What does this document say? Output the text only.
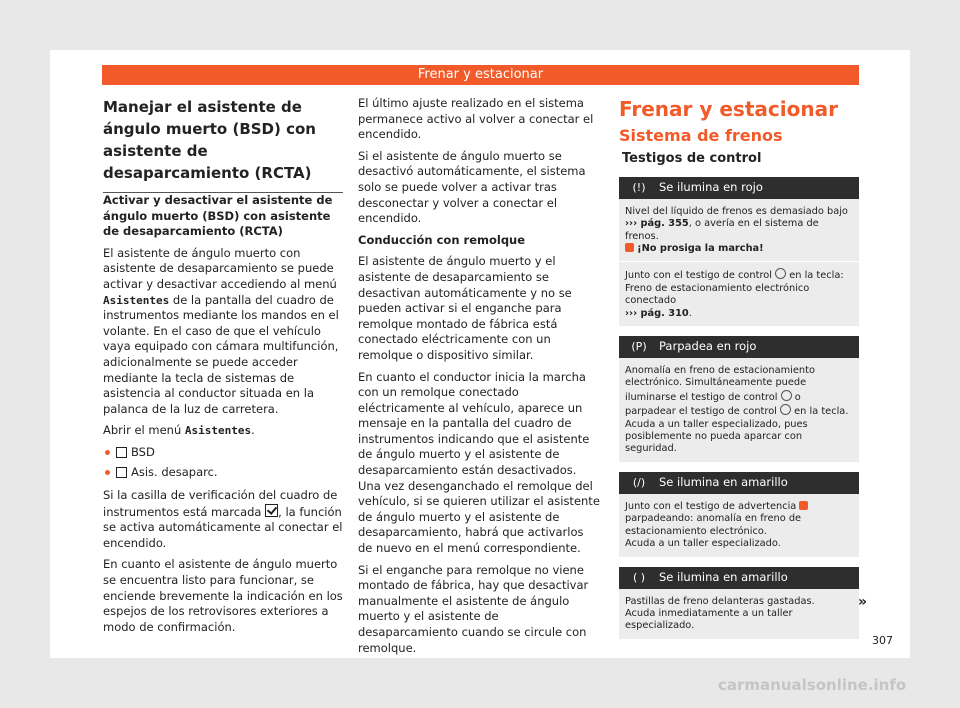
Frenar y estacionar
Manejar el asistente de ángulo muerto (BSD) con asistente de desaparcamiento (RCTA)

Activar y desactivar el asistente de ángulo muerto (BSD) con asistente de desaparcamiento (RCTA)

El asistente de ángulo muerto con asistente de desaparcamiento se puede activar y desactivar accediendo al menú Asistentes de la pantalla del cuadro de instrumentos mediante los mandos en el volante. En el caso de que el vehículo vaya equipado con cámara multifunción, adicionalmente se puede acceder mediante la tecla de sistemas de asistencia al conductor situada en la palanca de la luz de carretera.

Abrir el menú Asistentes.

BSD
Asis. desaparc.

Si la casilla de verificación del cuadro de instrumentos está marcada , la función se activa automáticamente al conectar el encendido.

En cuanto el asistente de ángulo muerto se encuentra listo para funcionar, se enciende brevemente la indicación en los espejos de los retrovisores exteriores a modo de confirmación.

El último ajuste realizado en el sistema permanece activo al volver a conectar el encendido.

Si el asistente de ángulo muerto se desactivó automáticamente, el sistema solo se puede volver a activar tras desconectar y volver a conectar el encendido.

Conducción con remolque

El asistente de ángulo muerto y el asistente de desaparcamiento se desactivan automáticamente y no se pueden activar si el enganche para remolque montado de fábrica está conectado eléctricamente con un remolque o dispositivo similar.

En cuanto el conductor inicia la marcha con un remolque conectado eléctricamente al vehículo, aparece un mensaje en la pantalla del cuadro de instrumentos indicando que el asistente de ángulo muerto y el asistente de desaparcamiento están desactivados. Una vez desenganchado el remolque del vehículo, si se quieren utilizar el asistente de ángulo muerto y el asistente de desaparcamiento, habrá que activarlos de nuevo en el menú correspondiente.

Si el enganche para remolque no viene montado de fábrica, hay que desactivar manualmente el asistente de ángulo muerto y el asistente de desaparcamiento cuando se circule con remolque.

Frenar y estacionar
Sistema de frenos
Testigos de control
(!)	Se ilumina en rojo

Nivel del líquido de frenos es demasiado bajo ››› pág. 355, o avería en el sistema de frenos.

¡No prosiga la marcha!

Junto con el testigo de control  en la tecla: Freno de estacionamiento electrónico conectado
››› pág. 310.

(P)	Parpadea en rojo

Anomalía en freno de estacionamiento electrónico. Simultáneamente puede iluminarse el testigo de control  o parpadear el testigo de control  en la tecla.
Acuda a un taller especializado, pues posiblemente no pueda aparcar con seguridad.

(/)	Se ilumina en amarillo

Junto con el testigo de advertencia  parpadeando: anomalía en freno de estacionamiento electrónico.
Acuda a un taller especializado.

( )	Se ilumina en amarillo

Pastillas de freno delanteras gastadas.
Acuda inmediatamente a un taller especializado.

»
307
carmanualsonline.info
